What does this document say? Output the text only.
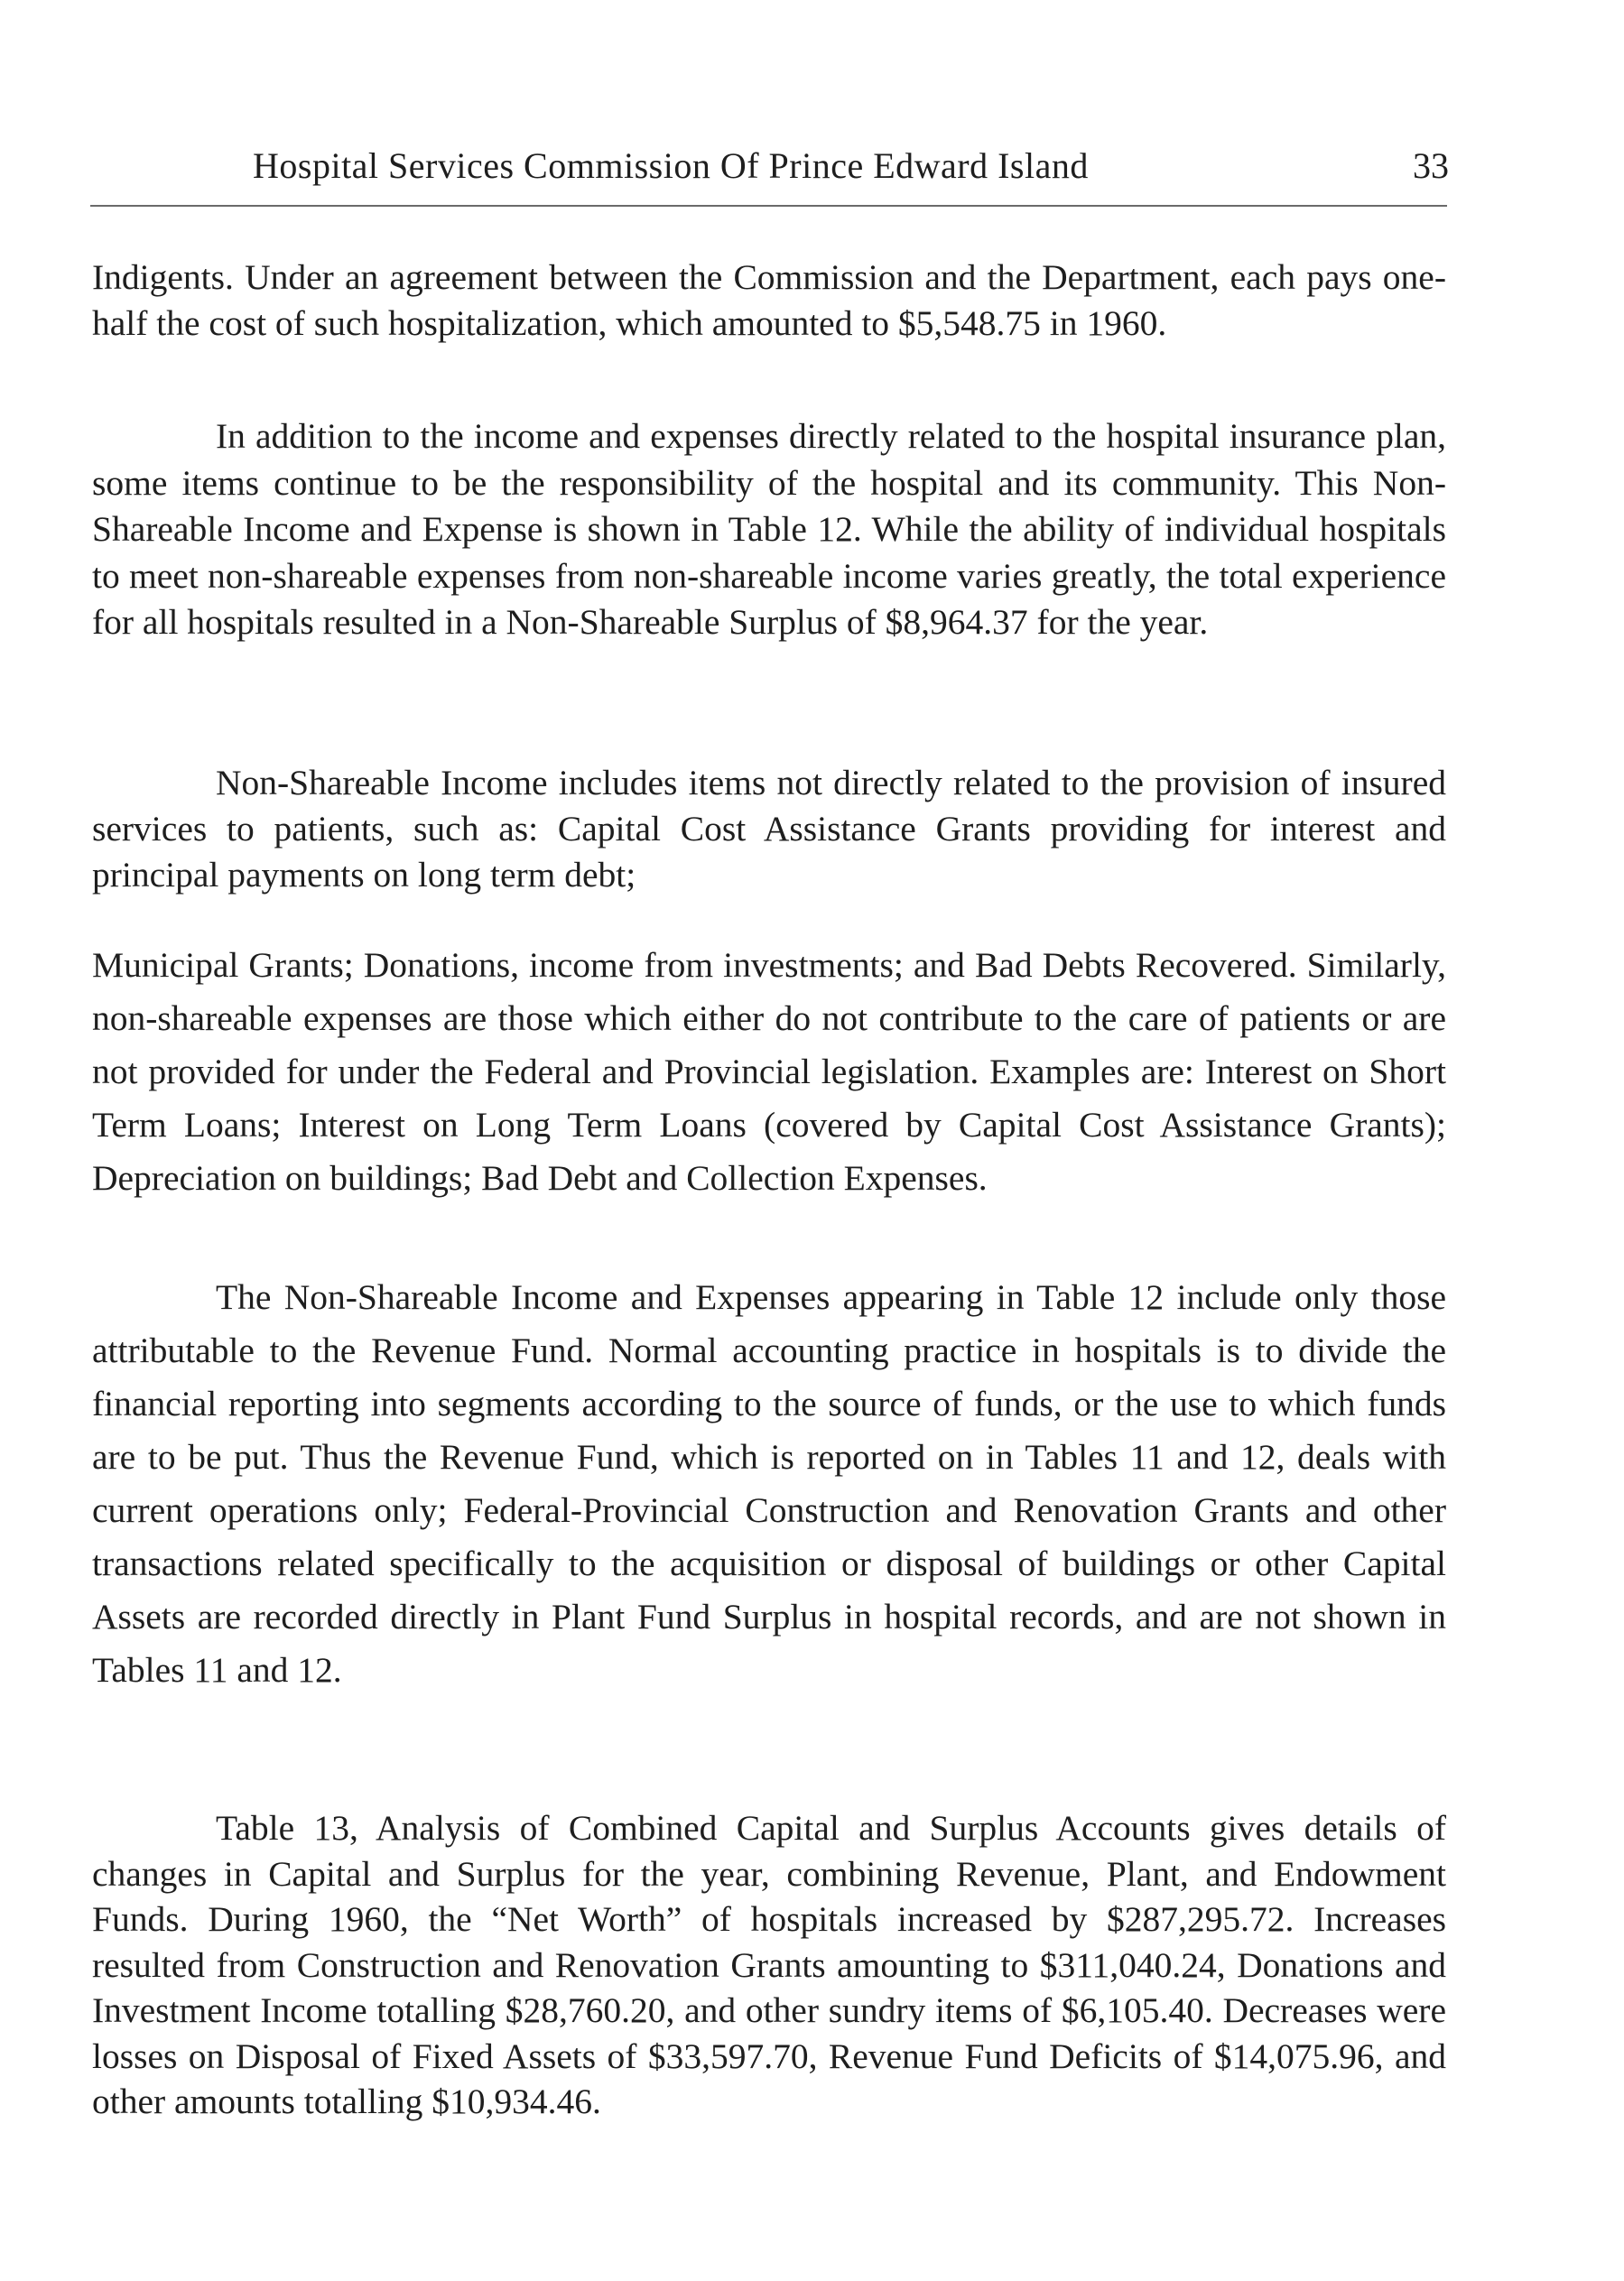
Hospital Services Commission Of Prince Edward Island	33

Indigents. Under an agreement between the Commission and the Department, each pays one-half the cost of such hospitalization, which amounted to $5,548.75 in 1960.

In addition to the income and expenses directly related to the hospital insurance plan, some items continue to be the responsibility of the hospital and its community. This Non-Shareable Income and Expense is shown in Table 12. While the ability of individual hospitals to meet non-shareable expenses from non-shareable income varies greatly, the total experience for all hospitals resulted in a Non-Shareable Surplus of $8,964.37 for the year.

Non-Shareable Income includes items not directly related to the provision of insured services to patients, such as: Capital Cost Assistance Grants providing for interest and principal payments on long term debt;

Municipal Grants; Donations, income from investments; and Bad Debts Recovered. Similarly, non-shareable expenses are those which either do not contribute to the care of patients or are not provided for under the Federal and Provincial legislation. Examples are: Interest on Short Term Loans; Interest on Long Term Loans (covered by Capital Cost Assistance Grants); Depreciation on buildings; Bad Debt and Collection Expenses.

The Non-Shareable Income and Expenses appearing in Table 12 include only those attributable to the Revenue Fund. Normal accounting practice in hospitals is to divide the financial reporting into segments according to the source of funds, or the use to which funds are to be put. Thus the Revenue Fund, which is reported on in Tables 11 and 12, deals with current operations only; Federal-Provincial Construction and Renovation Grants and other transactions related specifically to the acquisition or disposal of buildings or other Capital Assets are recorded directly in Plant Fund Surplus in hospital records, and are not shown in Tables 11 and 12.

Table 13, Analysis of Combined Capital and Surplus Accounts gives details of changes in Capital and Surplus for the year, combining Revenue, Plant, and Endowment Funds. During 1960, the “Net Worth” of hospitals increased by $287,295.72. Increases resulted from Construction and Renovation Grants amounting to $311,040.24, Donations and Investment Income totalling $28,760.20, and other sundry items of $6,105.40. Decreases were losses on Disposal of Fixed Assets of $33,597.70, Revenue Fund Deficits of $14,075.96, and other amounts totalling $10,934.46.
